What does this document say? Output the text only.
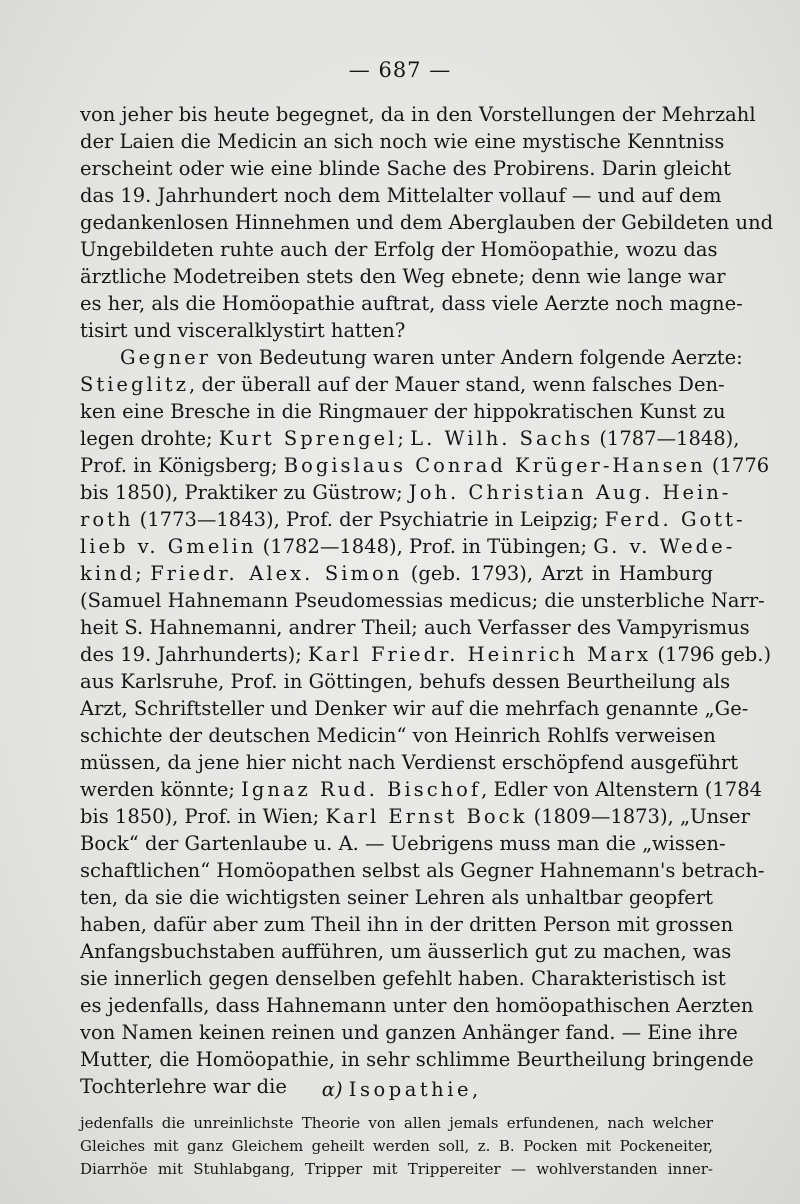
— 687 —
von jeher bis heute begegnet, da in den Vorstellungen der Mehrzahl
der Laien die Medicin an sich noch wie eine mystische Kenntniss
erscheint oder wie eine blinde Sache des Probirens. Darin gleicht
das 19. Jahrhundert noch dem Mittelalter vollauf — und auf dem
gedankenlosen Hinnehmen und dem Aberglauben der Gebildeten und
Ungebildeten ruhte auch der Erfolg der Homöopathie, wozu das
ärztliche Modetreiben stets den Weg ebnete; denn wie lange war
es her, als die Homöopathie auftrat, dass viele Aerzte noch magne-
tisirt und visceralklystirt hatten?
Gegner von Bedeutung waren unter Andern folgende Aerzte:
Stieglitz, der überall auf der Mauer stand, wenn falsches Den-
ken eine Bresche in die Ringmauer der hippokratischen Kunst zu
legen drohte; Kurt Sprengel; L. Wilh. Sachs (1787—1848),
Prof. in Königsberg; Bogislaus Conrad Krüger-Hansen (1776
bis 1850), Praktiker zu Güstrow; Joh. Christian Aug. Hein-
roth (1773—1843), Prof. der Psychiatrie in Leipzig; Ferd. Gott-
lieb v. Gmelin (1782—1848), Prof. in Tübingen; G. v. Wede-
kind; Friedr. Alex. Simon (geb. 1793), Arzt in Hamburg
(Samuel Hahnemann Pseudomessias medicus; die unsterbliche Narr-
heit S. Hahnemanni, andrer Theil; auch Verfasser des Vampyrismus
des 19. Jahrhunderts); Karl Friedr. Heinrich Marx (1796 geb.)
aus Karlsruhe, Prof. in Göttingen, behufs dessen Beurtheilung als
Arzt, Schriftsteller und Denker wir auf die mehrfach genannte „Ge-
schichte der deutschen Medicin“ von Heinrich Rohlfs verweisen
müssen, da jene hier nicht nach Verdienst erschöpfend ausgeführt
werden könnte; Ignaz Rud. Bischof, Edler von Altenstern (1784
bis 1850), Prof. in Wien; Karl Ernst Bock (1809—1873), „Unser
Bock“ der Gartenlaube u. A. — Uebrigens muss man die „wissen-
schaftlichen“ Homöopathen selbst als Gegner Hahnemann's betrach-
ten, da sie die wichtigsten seiner Lehren als unhaltbar geopfert
haben, dafür aber zum Theil ihn in der dritten Person mit grossen
Anfangsbuchstaben aufführen, um äusserlich gut zu machen, was
sie innerlich gegen denselben gefehlt haben. Charakteristisch ist
es jedenfalls, dass Hahnemann unter den homöopathischen Aerzten
von Namen keinen reinen und ganzen Anhänger fand. — Eine ihre
Mutter, die Homöopathie, in sehr schlimme Beurtheilung bringende
Tochterlehre war die	α) Isopathie,
jedenfalls die unreinlichste Theorie von allen jemals erfundenen, nach welcher
Gleiches mit ganz Gleichem geheilt werden soll, z. B. Pocken mit Pockeneiter,
Diarrhöe mit Stuhlabgang, Tripper mit Trippereiter — wohlverstanden inner-
